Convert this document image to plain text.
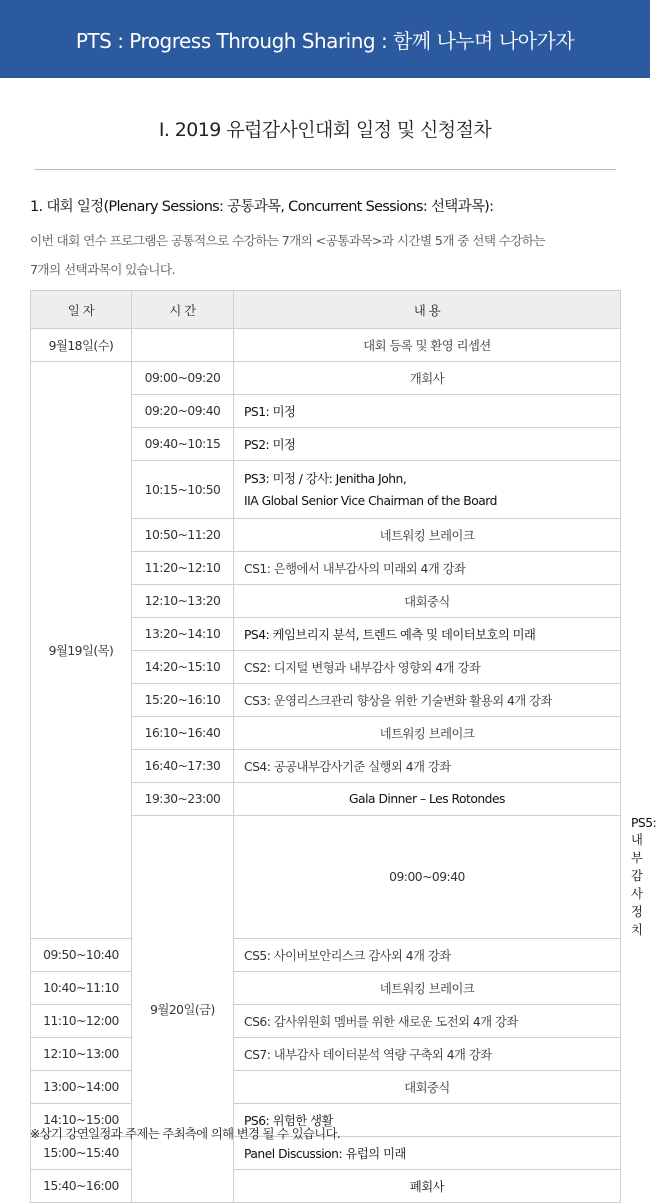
PTS : Progress Through Sharing : 함께 나누며 나아가자
Ⅰ. 2019 유럽감사인대회 일정 및 신청절차
1. 대회 일정(Plenary Sessions: 공통과목, Concurrent Sessions: 선택과목):
이번 대회 연수 프로그램은 공통적으로 수강하는 7개의 <공통과목>과 시간별 5개 중 선택 수강하는
7개의 선택과목이 있습니다.
일 자	시 간	내 용	
9월18일(수)		대회 등록 및 환영 리셉션	
9월19일(목)	09:00~09:20	개회사	
	09:20~09:40	PS1: 미정	
	09:40~10:15	PS2: 미정	
	10:15~10:50	PS3: 미정 / 강사: Jenitha John,
IIA Global Senior Vice Chairman of the Board	

	10:50~11:20	네트워킹 브레이크	
	11:20~12:10	CS1: 은행에서 내부감사의 미래외 4개 강좌	
	12:10~13:20	대회중식	
	13:20~14:10	PS4: 케임브리지 분석, 트렌드 예측 및 데이터보호의 미래	
	14:20~15:10	CS2: 디지털 변형과 내부감사 영향외 4개 강좌	
	15:20~16:10	CS3: 운영리스크관리 향상을 위한 기술변화 활용외 4개 강좌	
	16:10~16:40	네트워킹 브레이크	
	16:40~17:30	CS4: 공공내부감사기준 실행외 4개 강좌	
	19:30~23:00	Gala Dinner – Les Rotondes	
	9월20일(금)	09:00~09:40	PS5: 내부감사 정치
09:50~10:40		CS5: 사이버보안리스크 감사외 4개 강좌	
10:40~11:10		네트워킹 브레이크	
11:10~12:00		CS6: 감사위원회 멤버를 위한 새로운 도전외 4개 강좌	
12:10~13:00		CS7: 내부감사 데이터분석 역량 구축외 4개 강좌	
13:00~14:00		대회중식	
14:10~15:00		PS6: 위험한 생활	
15:00~15:40		Panel Discussion: 유럽의 미래	
15:40~16:00		폐회사	
※상기 강연일정과 주제는 주최측에 의해 변경 될 수 있습니다.
